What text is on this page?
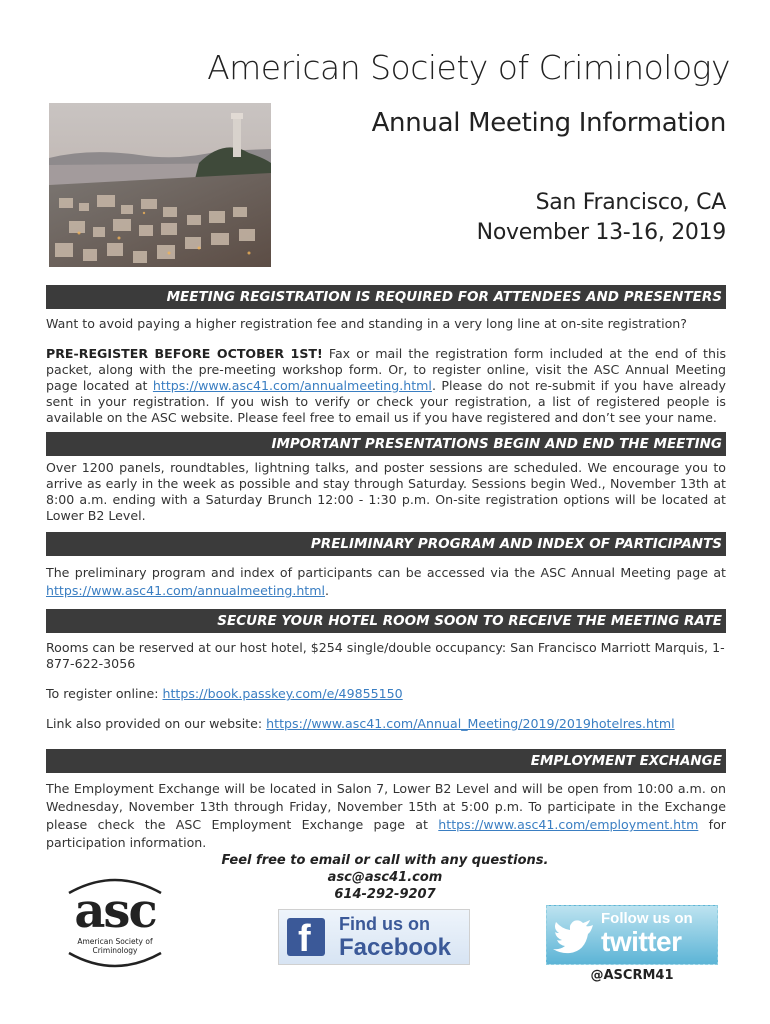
American Society of Criminology
Annual Meeting Information
San Francisco, CA
November 13-16, 2019
MEETING REGISTRATION IS REQUIRED FOR ATTENDEES AND PRESENTERS
Want to avoid paying a higher registration fee and standing in a very long line at on-site registration?
PRE-REGISTER BEFORE OCTOBER 1ST! Fax or mail the registration form included at the end of this packet, along with the pre-meeting workshop form. Or, to register online, visit the ASC Annual Meeting page located at https://www.asc41.com/annualmeeting.html. Please do not re-submit if you have already sent in your registration. If you wish to verify or check your registration, a list of registered people is available on the ASC website. Please feel free to email us if you have registered and don’t see your name.
IMPORTANT PRESENTATIONS BEGIN AND END THE MEETING
Over 1200 panels, roundtables, lightning talks, and poster sessions are scheduled. We encourage you to arrive as early in the week as possible and stay through Saturday. Sessions begin Wed., November 13th at 8:00 a.m. ending with a Saturday Brunch 12:00 - 1:30 p.m. On-site registration options will be located at Lower B2 Level.
PRELIMINARY PROGRAM AND INDEX OF PARTICIPANTS
The preliminary program and index of participants can be accessed via the ASC Annual Meeting page at https://www.asc41.com/annualmeeting.html.
SECURE YOUR HOTEL ROOM SOON TO RECEIVE THE MEETING RATE
Rooms can be reserved at our host hotel, $254 single/double occupancy: San Francisco Marriott Marquis, 1-877-622-3056
To register online: https://book.passkey.com/e/49855150
Link also provided on our website: https://www.asc41.com/Annual_Meeting/2019/2019hotelres.html
EMPLOYMENT EXCHANGE
The Employment Exchange will be located in Salon 7, Lower B2 Level and will be open from 10:00 a.m. on Wednesday, November 13th through Friday, November 15th at 5:00 p.m. To participate in the Exchange please check the ASC Employment Exchange page at https://www.asc41.com/employment.htm for participation information.
Feel free to email or call with any questions.
asc@asc41.com
614-292-9207
asc
American Society of Criminology	f Find us on
Facebook
Follow us on
twitter
@ASCRM41
